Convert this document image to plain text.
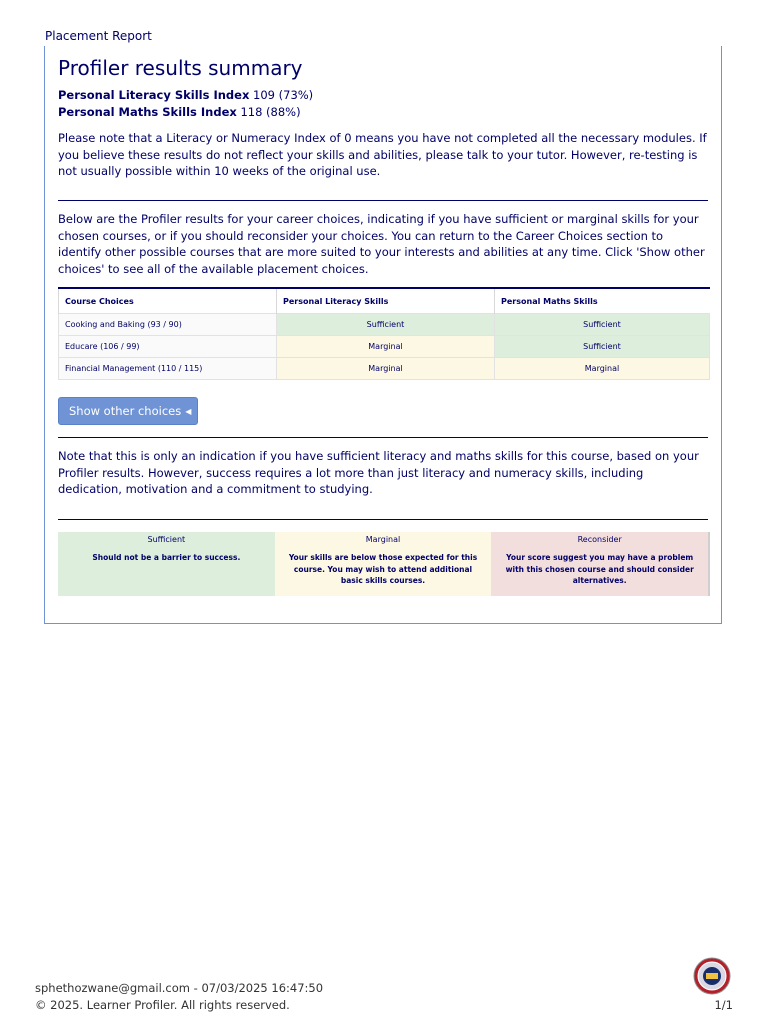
Placement Report
Profiler results summary
Personal Literacy Skills Index 109 (73%)
Personal Maths Skills Index 118 (88%)

Please note that a Literacy or Numeracy Index of 0 means you have not completed all the necessary modules. If you believe these results do not reflect your skills and abilities, please talk to your tutor. However, re-testing is not usually possible within 10 weeks of the original use.

Below are the Profiler results for your career choices, indicating if you have sufficient or marginal skills for your chosen courses, or if you should reconsider your choices. You can return to the Career Choices section to identify other possible courses that are more suited to your interests and abilities at any time. Click 'Show other choices' to see all of the available placement choices.

Course Choices	Personal Literacy Skills	Personal Maths Skills
Cooking and Baking (93 / 90)	Sufficient	Sufficient
Educare (106 / 99)	Marginal	Sufficient
Financial Management (110 / 115)	Marginal	Marginal
Show other choices ◀

Note that this is only an indication if you have sufficient literacy and maths skills for this course, based on your Profiler results. However, success requires a lot more than just literacy and numeracy skills, including dedication, motivation and a commitment to studying.

Sufficient
Should not be a barrier to success.
Marginal
Your skills are below those expected for this course. You may wish to attend additional basic skills courses.
Reconsider
Your score suggest you may have a problem with this chosen course and should consider alternatives.
sphethozwane@gmail.com - 07/03/2025 16:47:50
© 2025. Learner Profiler. All rights reserved.	1/1
